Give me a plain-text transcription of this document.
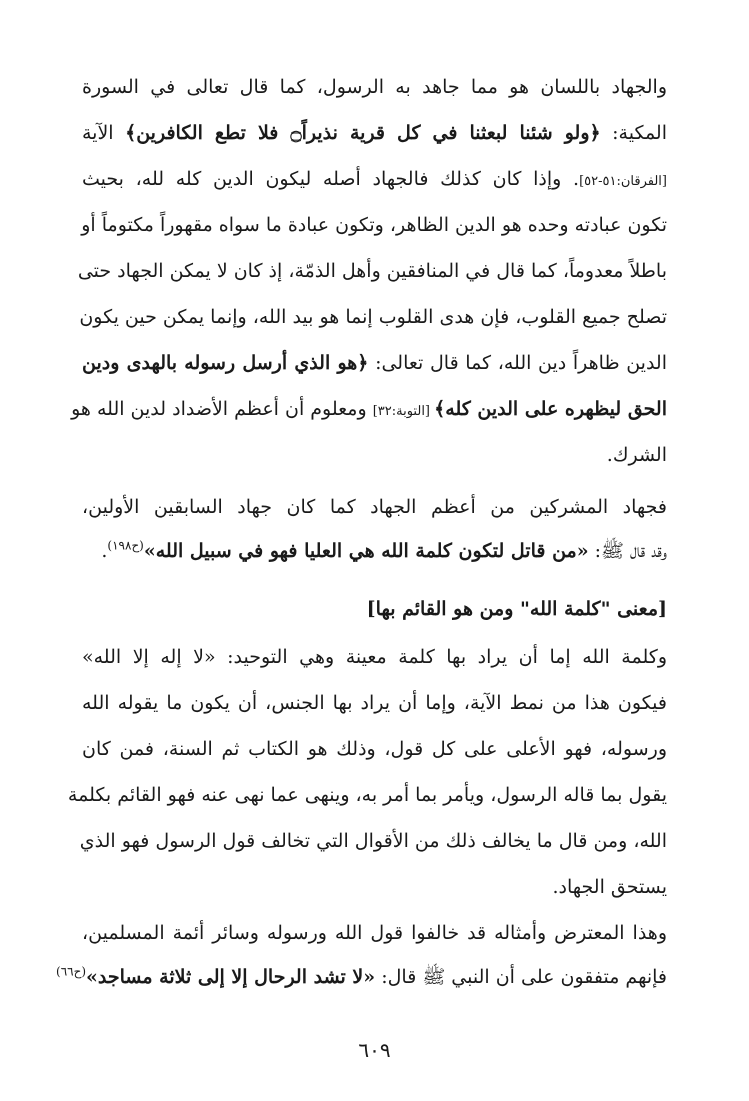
والجهاد باللسان هو مما جاهد به الرسول، كما قال تعالى في السورة
المكية: ﴿ولو شئنا لبعثنا في كل قرية نذيراً۝ فلا تطع الكافرين﴾ الآية
[الفرقان:٥١-٥٢]. وإذا كان كذلك فالجهاد أصله ليكون الدين كله لله، بحيث
تكون عبادته وحده هو الدين الظاهر، وتكون عبادة ما سواه مقهوراً مكتوماً أو
باطلاً معدوماً، كما قال في المنافقين وأهل الذمّة، إذ كان لا يمكن الجهاد حتى
تصلح جميع القلوب، فإن هدى القلوب إنما هو بيد الله، وإنما يمكن حين يكون
الدين ظاهراً دين الله، كما قال تعالى: ﴿هو الذي أرسل رسوله بالهدى ودين
الحق ليظهره على الدين كله﴾ [التوبة:٣٢] ومعلوم أن أعظم الأضداد لدين الله هو
الشرك.
فجهاد المشركين من أعظم الجهاد كما كان جهاد السابقين الأولين،
وقد قال ﷺ: «من قاتل لتكون كلمة الله هي العليا فهو في سبيل الله»$^{(ح١٩٨)}$.
[معنى "كلمة الله" ومن هو القائم بها]
وكلمة الله إما أن يراد بها كلمة معينة وهي التوحيد: «لا إله إلا الله»
فيكون هذا من نمط الآية، وإما أن يراد بها الجنس، أن يكون ما يقوله الله
ورسوله، فهو الأعلى على كل قول، وذلك هو الكتاب ثم السنة، فمن كان
يقول بما قاله الرسول، ويأمر بما أمر به، وينهى عما نهى عنه فهو القائم بكلمة
الله، ومن قال ما يخالف ذلك من الأقوال التي تخالف قول الرسول فهو الذي
يستحق الجهاد.
وهذا المعترض وأمثاله قد خالفوا قول الله ورسوله وسائر أئمة المسلمين،
فإنهم متفقون على أن النبي ﷺ قال: «لا تشد الرحال إلا إلى ثلاثة مساجد»$^{(ح٦٦)}$
٦٠٩
